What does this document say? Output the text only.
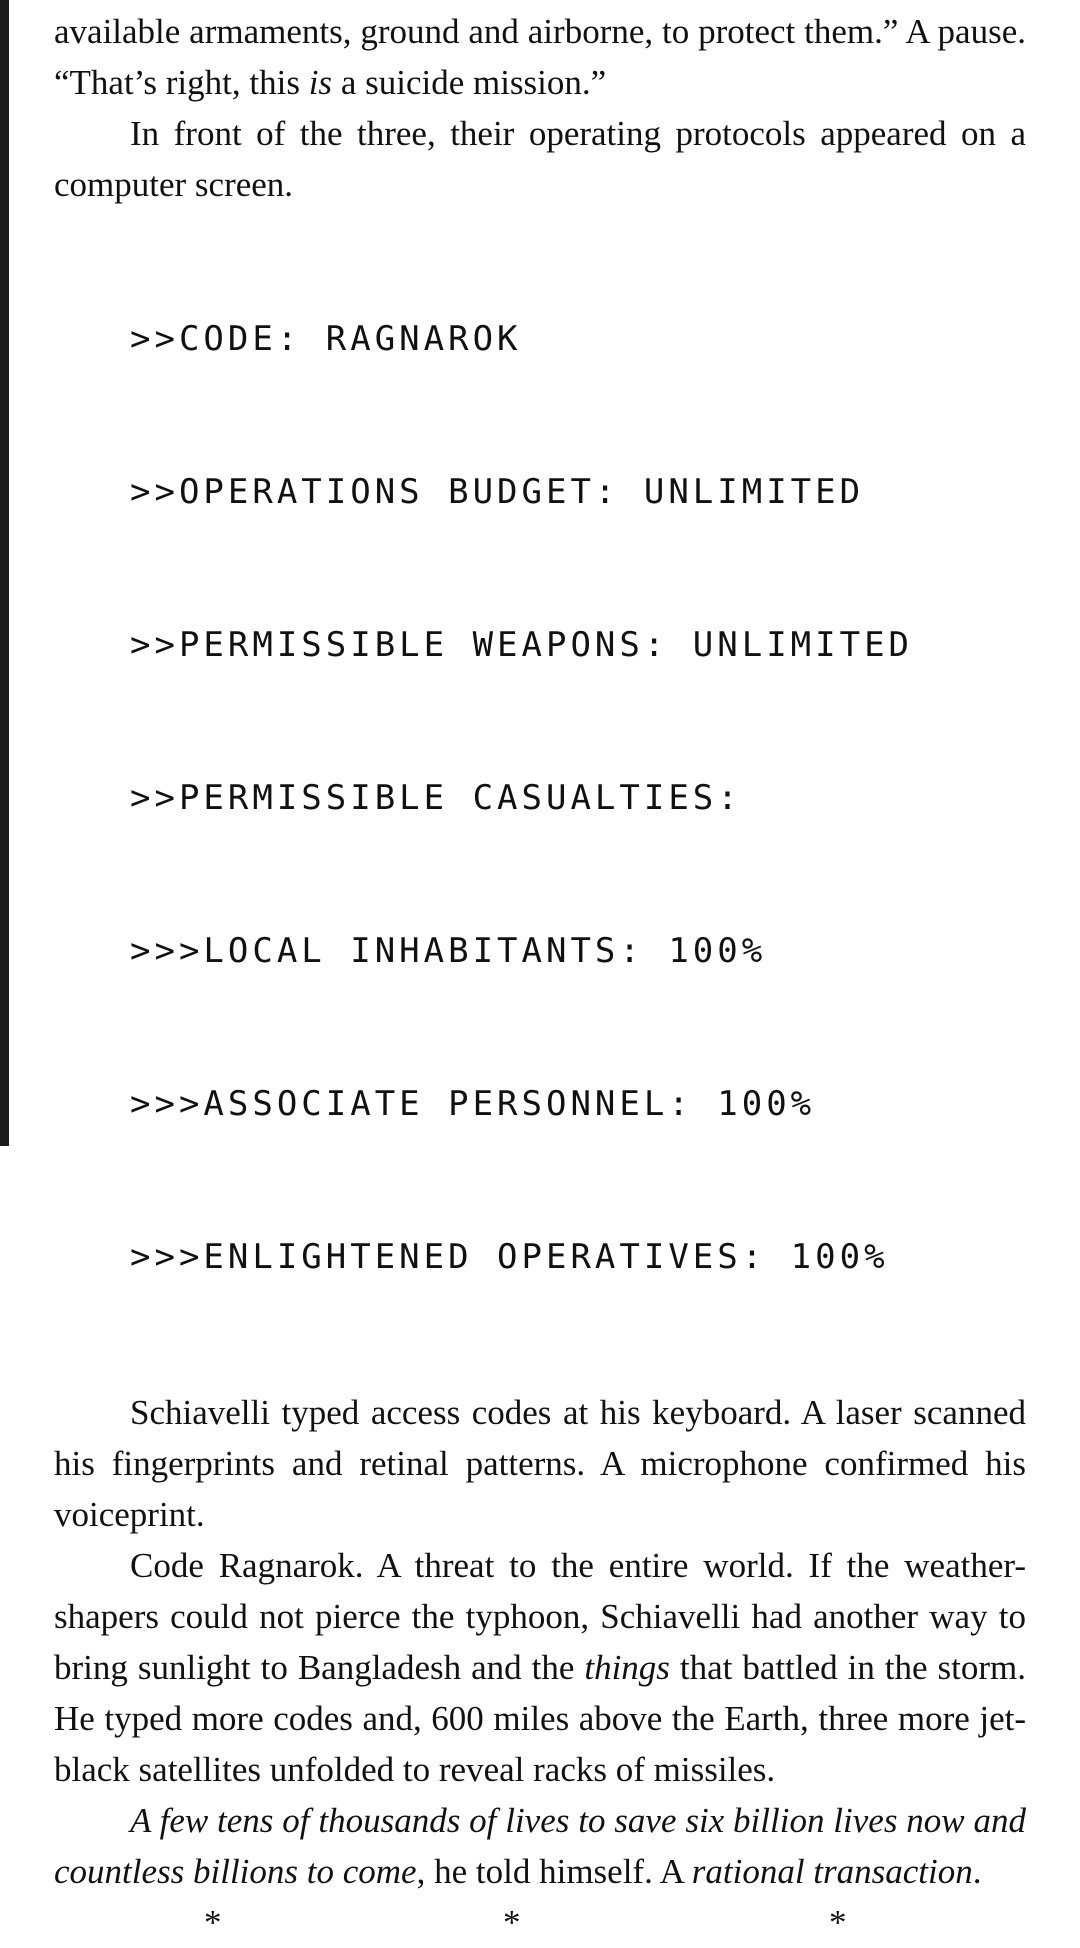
available armaments, ground and airborne, to protect them.” A pause. “That’s right, this is a suicide mission.”

In front of the three, their operating protocols appeared on a computer screen.

>>CODE: RAGNAROK

>>OPERATIONS BUDGET: UNLIMITED

>>PERMISSIBLE WEAPONS: UNLIMITED

>>PERMISSIBLE CASUALTIES:

>>>LOCAL INHABITANTS: 100%

>>>ASSOCIATE PERSONNEL: 100%

>>>ENLIGHTENED OPERATIVES: 100%

Schiavelli typed access codes at his keyboard. A laser scanned his fingerprints and retinal patterns. A microphone confirmed his voiceprint.

Code Ragnarok. A threat to the entire world. If the weather-shapers could not pierce the typhoon, Schiavelli had another way to bring sunlight to Bangladesh and the things that battled in the storm. He typed more codes and, 600 miles above the Earth, three more jet-black satellites unfolded to reveal racks of missiles.

A few tens of thousands of lives to save six billion lives now and countless billions to come, he told himself. A rational transaction.

*	*	*
